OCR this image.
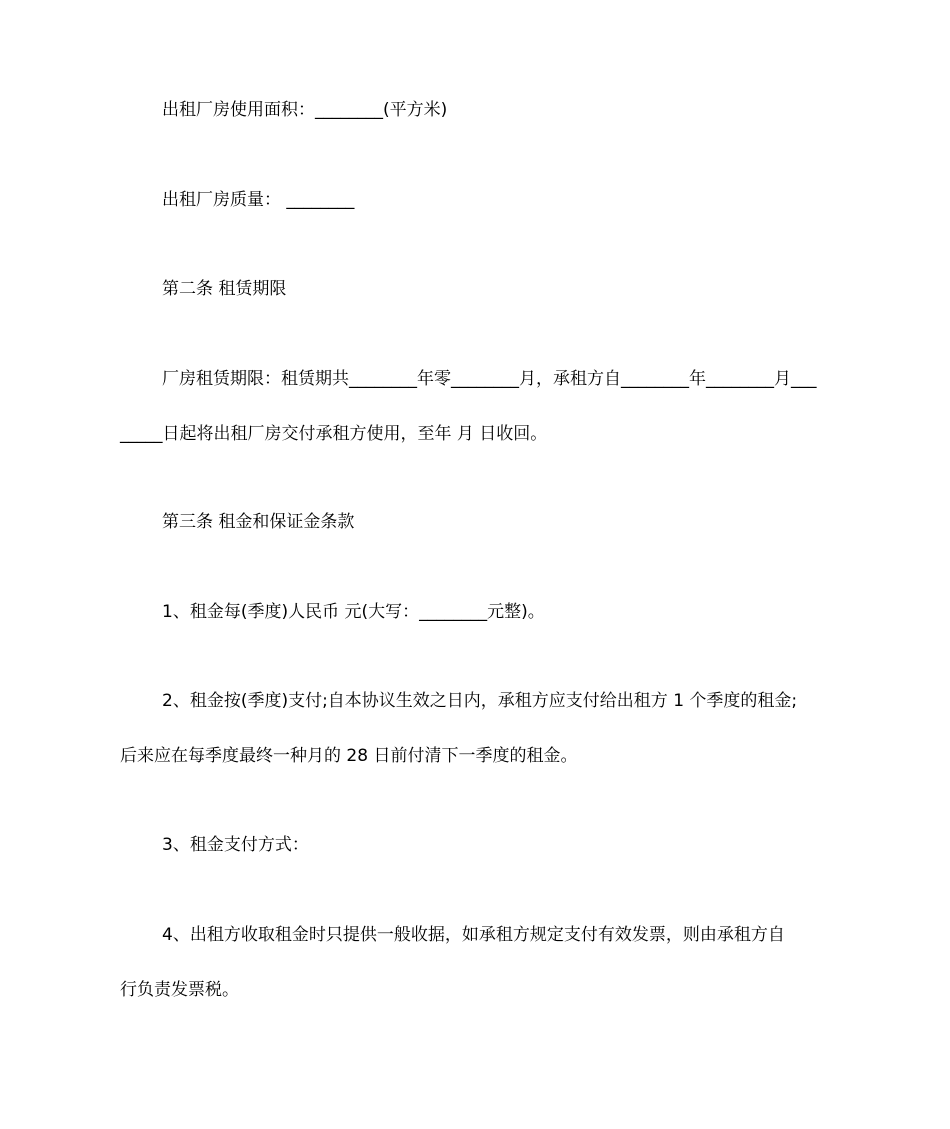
出租厂房使用面积：________(平方米)
出租厂房质量： ________
第二条 租赁期限
厂房租赁期限：租赁期共________年零________月，承租方自________年________月___
_____日起将出租厂房交付承租方使用，至年 月 日收回。
第三条 租金和保证金条款
1、租金每(季度)人民币 元(大写：________元整)。
2、租金按(季度)支付;自本协议生效之日内，承租方应支付给出租方 1 个季度的租金;
后来应在每季度最终一种月的 28 日前付清下一季度的租金。
3、租金支付方式：
4、出租方收取租金时只提供一般收据，如承租方规定支付有效发票，则由承租方自
行负责发票税。
